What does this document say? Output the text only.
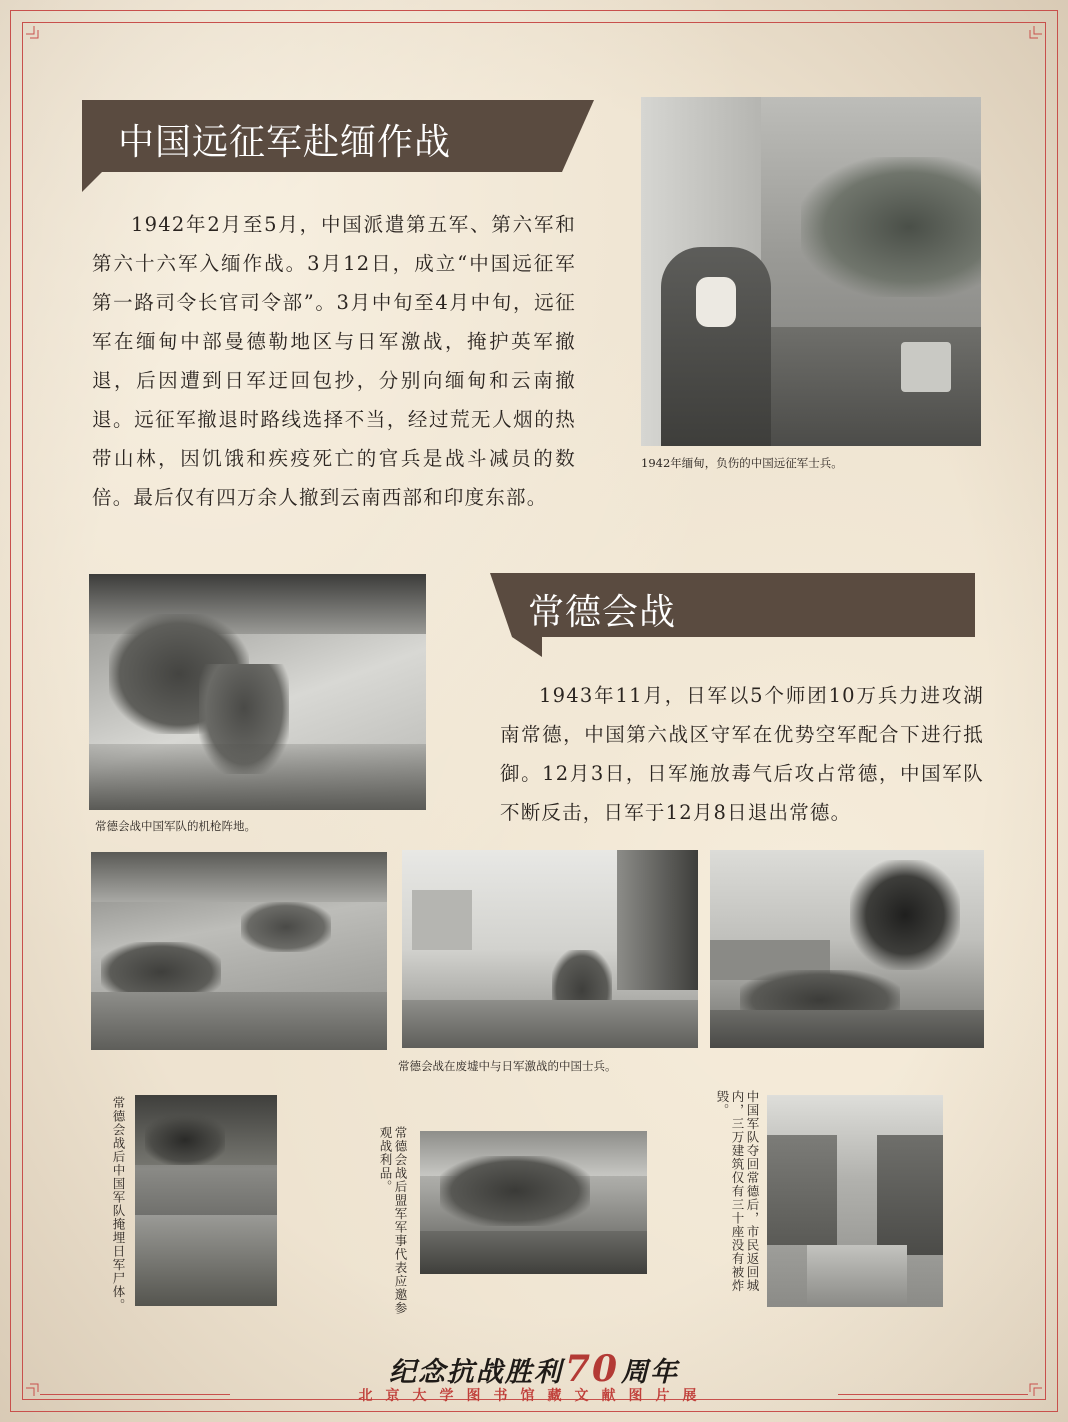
中国远征军赴缅作战
1942年2月至5月，中国派遣第五军、第六军和第六十六军入缅作战。3月12日，成立“中国远征军第一路司令长官司令部”。3月中旬至4月中旬，远征军在缅甸中部曼德勒地区与日军激战，掩护英军撤退，后因遭到日军迂回包抄，分别向缅甸和云南撤退。远征军撤退时路线选择不当，经过荒无人烟的热带山林，因饥饿和疾疫死亡的官兵是战斗减员的数倍。最后仅有四万余人撤到云南西部和印度东部。
1942年缅甸，负伤的中国远征军士兵。
常德会战中国军队的机枪阵地。
常德会战
1943年11月，日军以5个师团10万兵力进攻湖南常德，中国第六战区守军在优势空军配合下进行抵御。12月3日，日军施放毒气后攻占常德，中国军队不断反击，日军于12月8日退出常德。
常德会战在废墟中与日军激战的中国士兵。
常德会战后中国军队掩埋日军尸体。	常德会战后盟军军事代表应邀参观战利品。	中国军队夺回常德后，市民返回城内，三万建筑仅有三十座没有被炸毁。
纪念抗战胜利70周年
北京大学图书馆藏文献图片展
